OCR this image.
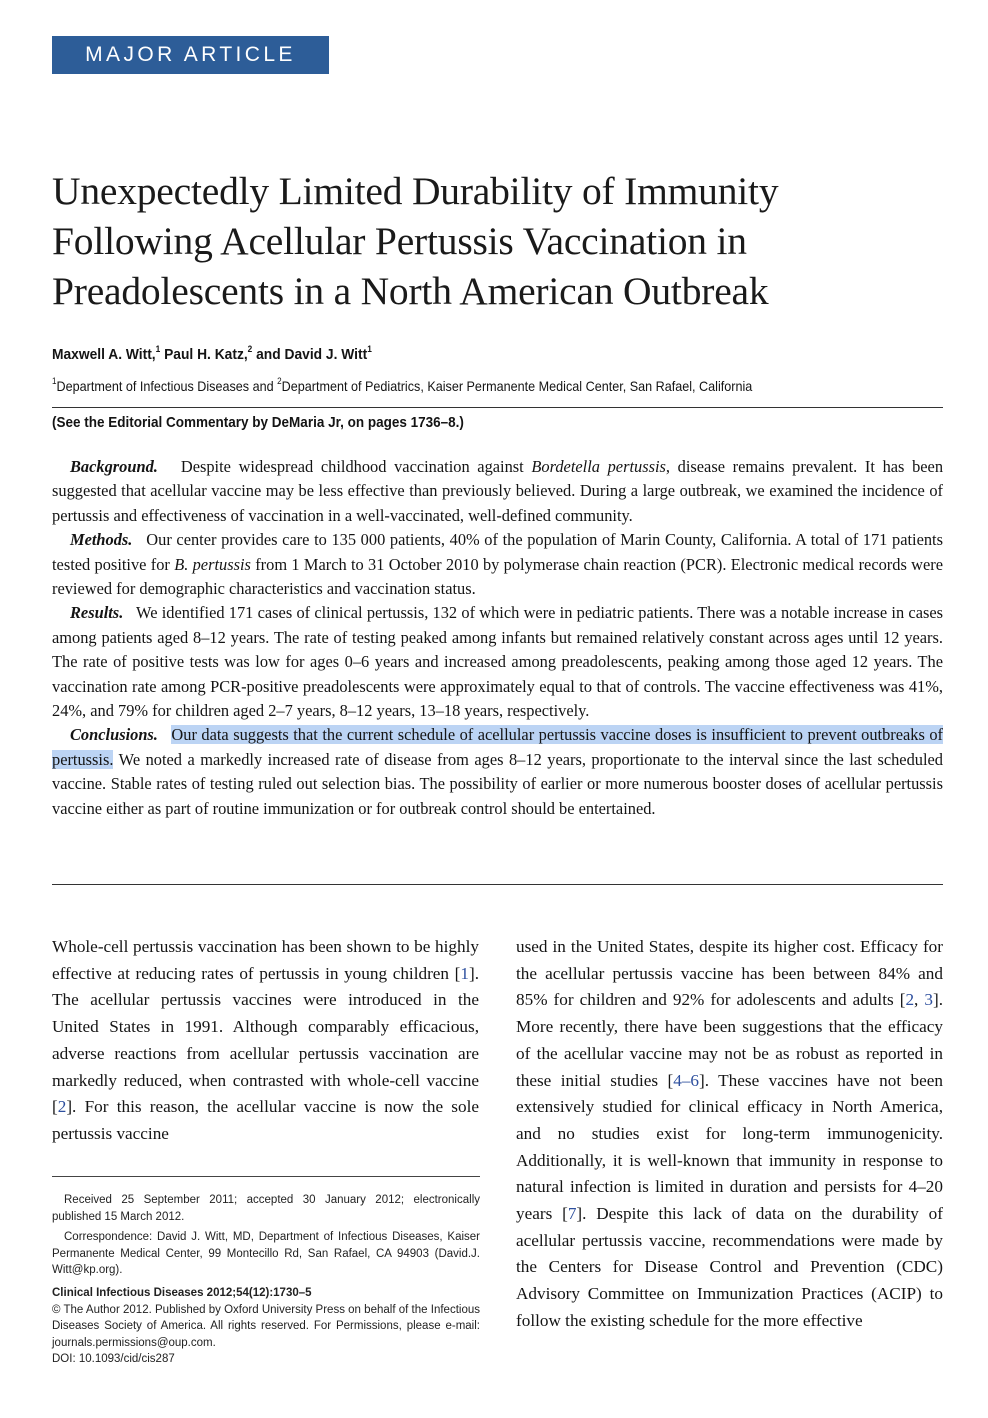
MAJOR ARTICLE
Unexpectedly Limited Durability of Immunity
Following Acellular Pertussis Vaccination in
Preadolescents in a North American Outbreak
Maxwell A. Witt,$^1$ Paul H. Katz,$^2$ and David J. Witt$^1$
$^1$Department of Infectious Diseases and $^2$Department of Pediatrics, Kaiser Permanente Medical Center, San Rafael, California
(See the Editorial Commentary by DeMaria Jr, on pages 1736–8.)

Background. Despite widespread childhood vaccination against Bordetella pertussis, disease remains prevalent. It has been suggested that acellular vaccine may be less effective than previously believed. During a large outbreak, we examined the incidence of pertussis and effectiveness of vaccination in a well-vaccinated, well-defined community.

Methods. Our center provides care to 135 000 patients, 40% of the population of Marin County, California. A total of 171 patients tested positive for B. pertussis from 1 March to 31 October 2010 by polymerase chain reaction (PCR). Electronic medical records were reviewed for demographic characteristics and vaccination status.

Results. We identified 171 cases of clinical pertussis, 132 of which were in pediatric patients. There was a notable increase in cases among patients aged 8–12 years. The rate of testing peaked among infants but remained relatively constant across ages until 12 years. The rate of positive tests was low for ages 0–6 years and increased among preadolescents, peaking among those aged 12 years. The vaccination rate among PCR-positive preadolescents were approximately equal to that of controls. The vaccine effectiveness was 41%, 24%, and 79% for children aged 2–7 years, 8–12 years, 13–18 years, respectively.

Conclusions. Our data suggests that the current schedule of acellular pertussis vaccine doses is insufficient to prevent outbreaks of pertussis. We noted a markedly increased rate of disease from ages 8–12 years, proportionate to the interval since the last scheduled vaccine. Stable rates of testing ruled out selection bias. The possibility of earlier or more numerous booster doses of acellular pertussis vaccine either as part of routine immunization or for outbreak control should be entertained.

Whole-cell pertussis vaccination has been shown to be highly effective at reducing rates of pertussis in young children [1]. The acellular pertussis vaccines were introduced in the United States in 1991. Although comparably efficacious, adverse reactions from acellular pertussis vaccination are markedly reduced, when contrasted with whole-cell vaccine [2]. For this reason, the acellular vaccine is now the sole pertussis vaccine

Received 25 September 2011; accepted 30 January 2012; electronically published 15 March 2012.

Correspondence: David J. Witt, MD, Department of Infectious Diseases, Kaiser Permanente Medical Center, 99 Montecillo Rd, San Rafael, CA 94903 (David.J. Witt@kp.org).

Clinical Infectious Diseases 2012;54(12):1730–5

© The Author 2012. Published by Oxford University Press on behalf of the Infectious Diseases Society of America. All rights reserved. For Permissions, please e-mail: journals.permissions@oup.com.

DOI: 10.1093/cid/cis287

used in the United States, despite its higher cost. Efficacy for the acellular pertussis vaccine has been between 84% and 85% for children and 92% for adolescents and adults [2, 3]. More recently, there have been suggestions that the efficacy of the acellular vaccine may not be as robust as reported in these initial studies [4–6]. These vaccines have not been extensively studied for clinical efficacy in North America, and no studies exist for long-term immunogenicity. Additionally, it is well-known that immunity in response to natural infection is limited in duration and persists for 4–20 years [7]. Despite this lack of data on the durability of acellular pertussis vaccine, recommendations were made by the Centers for Disease Control and Prevention (CDC) Advisory Committee on Immunization Practices (ACIP) to follow the existing schedule for the more effective
